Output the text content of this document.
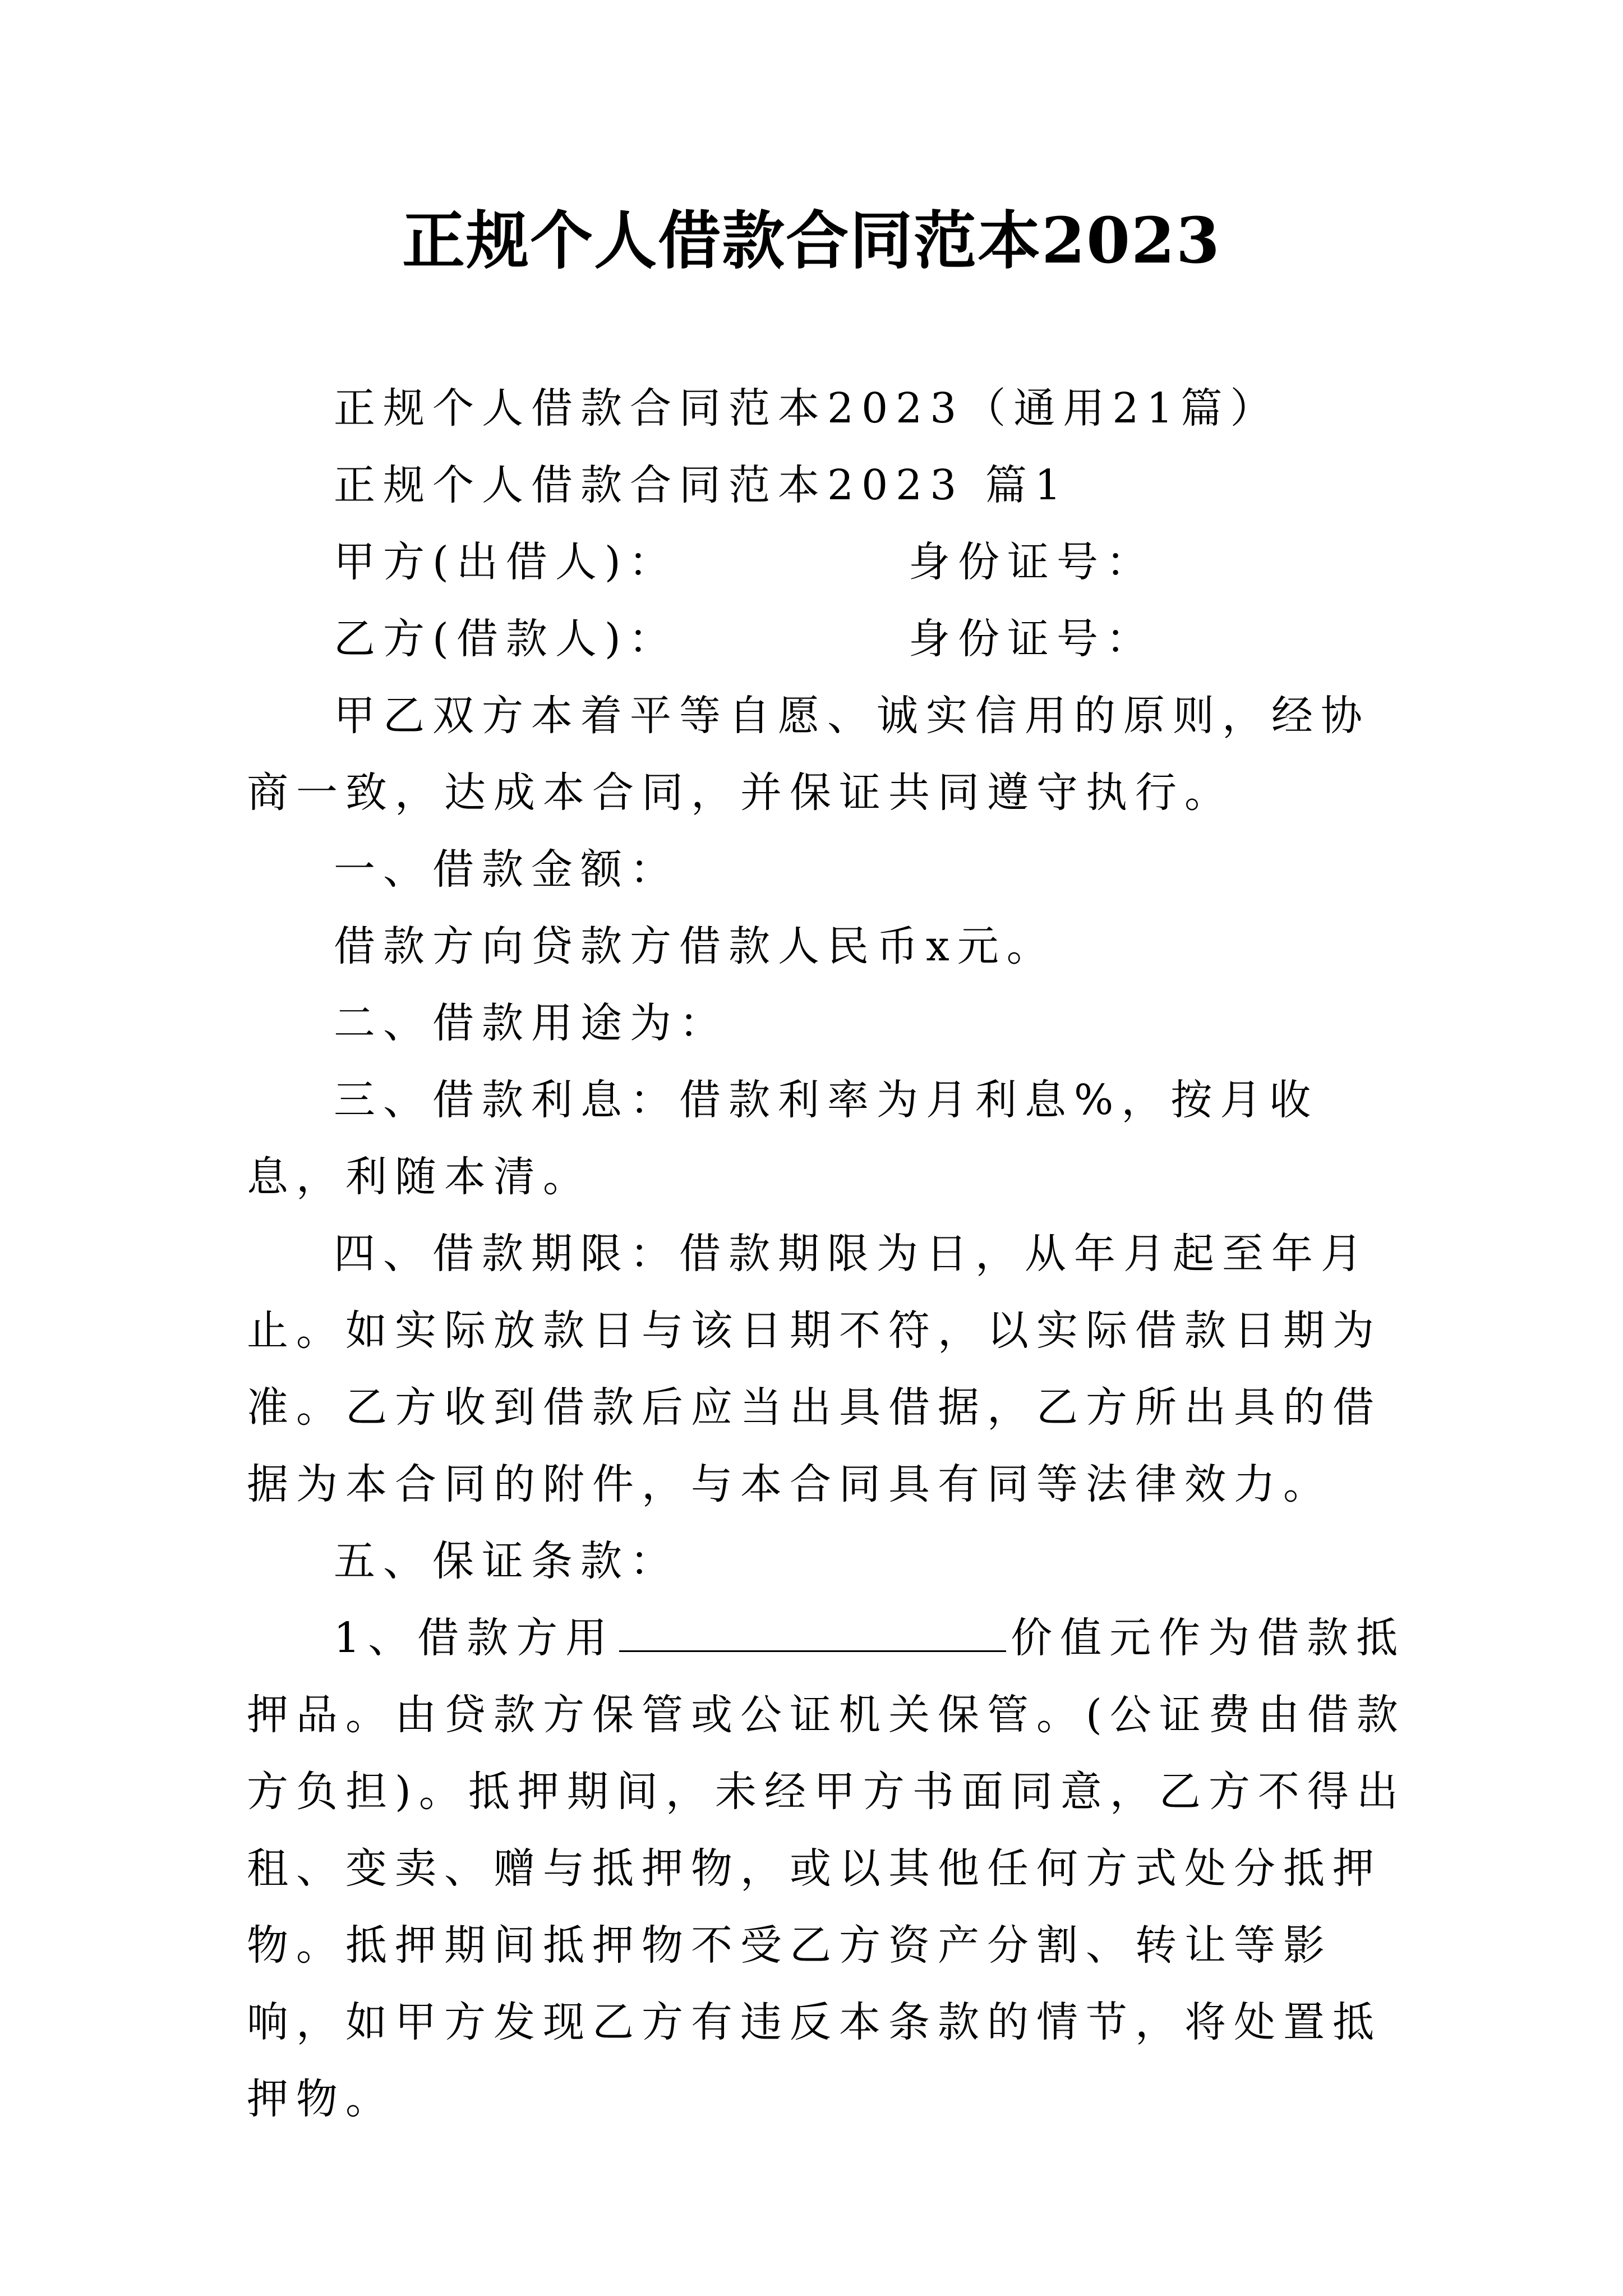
正规个人借款合同范本2023

正规个人借款合同范本2023（通用21篇）

正规个人借款合同范本2023 篇1

甲方(出借人)：	身份证号：
乙方(借款人)：	身份证号：

甲乙双方本着平等自愿、诚实信用的原则，经协商一致，达成本合同，并保证共同遵守执行。

一、借款金额：

借款方向贷款方借款人民币x元。

二、借款用途为：

三、借款利息：借款利率为月利息%，按月收息，利随本清。

四、借款期限：借款期限为日，从年月起至年月止。如实际放款日与该日期不符，以实际借款日期为准。乙方收到借款后应当出具借据，乙方所出具的借据为本合同的附件，与本合同具有同等法律效力。

五、保证条款：

1、借款方用	价值元作为借款抵押品。由贷款方保管或公证机关保管。(公证费由借款方负担)。抵押期间，未经甲方书面同意，乙方不得出租、变卖、赠与抵押物，或以其他任何方式处分抵押物。抵押期间抵押物不受乙方资产分割、转让等影响，如甲方发现乙方有违反本条款的情节，将处置抵押物。
